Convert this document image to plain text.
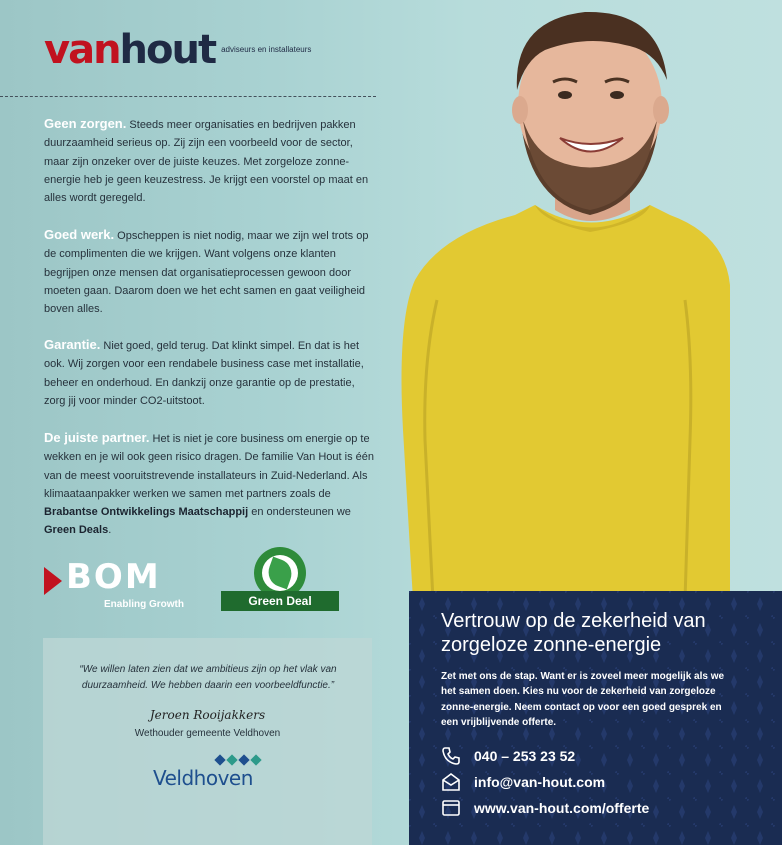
van hout adviseurs en installateurs
Geen zorgen. Steeds meer organisaties en bedrijven pakken duurzaamheid serieus op. Zij zijn een voorbeeld voor de sector, maar zijn onzeker over de juiste keuzes. Met zorgeloze zonne-energie heb je geen keuzestress. Je krijgt een voorstel op maat en alles wordt geregeld.
Goed werk. Opscheppen is niet nodig, maar we zijn wel trots op de complimenten die we krijgen. Want volgens onze klanten begrijpen onze mensen dat organisatieprocessen gewoon door moeten gaan. Daarom doen we het echt samen en gaat veiligheid boven alles.
Garantie. Niet goed, geld terug. Dat klinkt simpel. En dat is het ook. Wij zorgen voor een rendabele business case met installatie, beheer en onderhoud. En dankzij onze garantie op de prestatie, zorg jij voor minder CO2-uitstoot.
De juiste partner. Het is niet je core business om energie op te wekken en je wil ook geen risico dragen. De familie Van Hout is één van de meest vooruitstrevende installateurs in Zuid-Nederland. Als klimaataanpakker werken we samen met partners zoals de Brabantse Ontwikkelings Maatschappij en ondersteunen we Green Deals.
BOM
Enabling Growth	Green Deal
“We willen laten zien dat we ambitieus zijn op het vlak van duurzaamheid. We hebben daarin een voorbeeldfunctie.”
Jeroen Rooijakkers
Wethouder gemeente Veldhoven
Veldhoven
Vertrouw op de zekerheid van zorgeloze zonne-energie
Zet met ons de stap. Want er is zoveel meer mogelijk als we het samen doen. Kies nu voor de zekerheid van zorgeloze zonne-energie. Neem contact op voor een goed gesprek en een vrijblijvende offerte.
040 – 253 23 52
info@van-hout.com
www.van-hout.com/offerte
